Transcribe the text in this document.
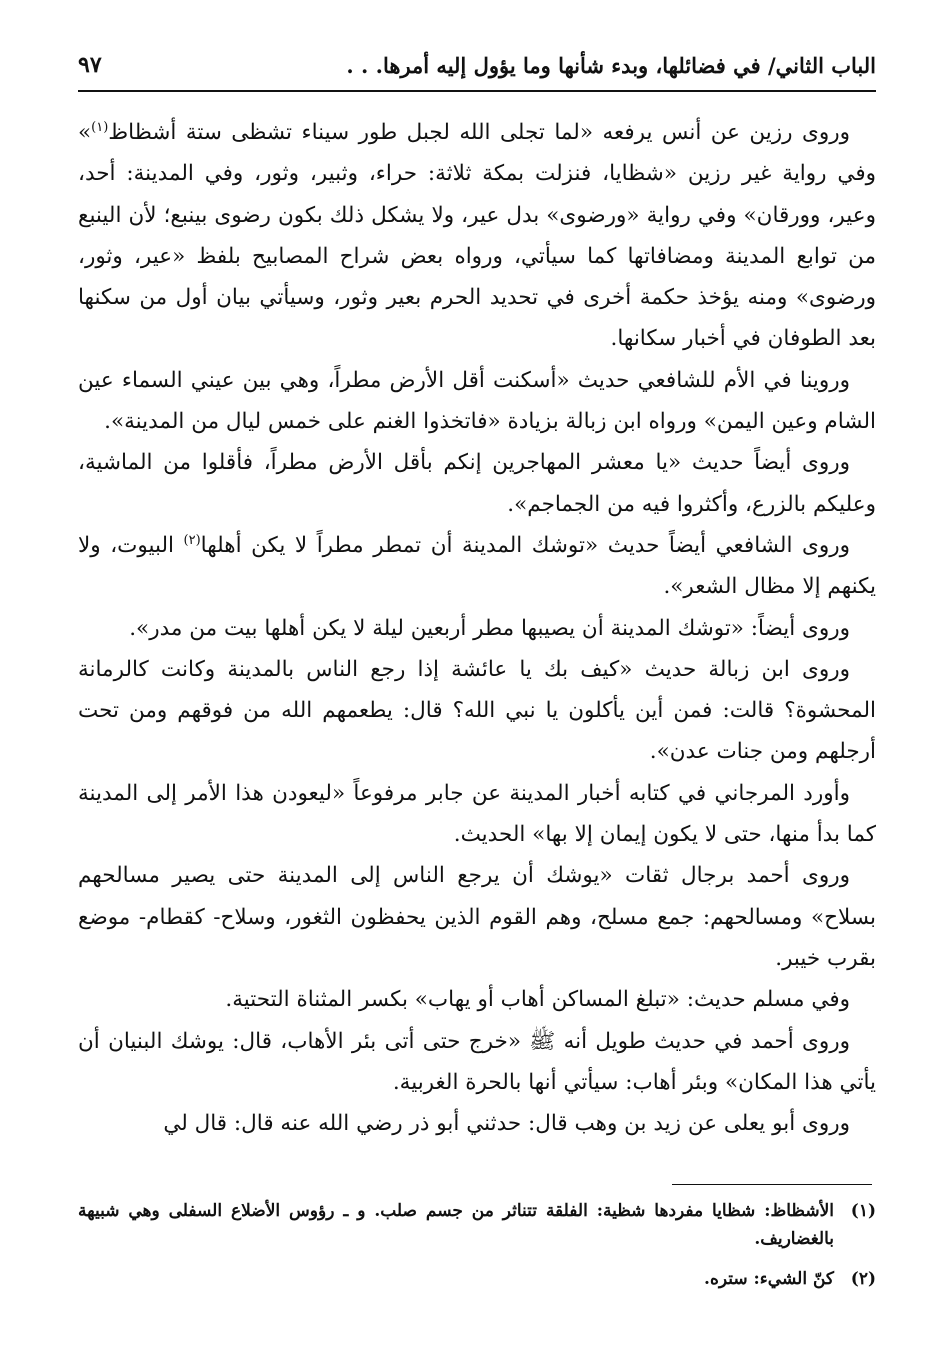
الباب الثاني/ في فضائلها، وبدء شأنها وما يؤول إليه أمرها. . .
٩٧

وروى رزين عن أنس يرفعه «لما تجلى الله لجبل طور سيناء تشظى ستة أشظاظ$^{(١)}$» وفي رواية غير رزين «شظايا، فنزلت بمكة ثلاثة: حراء، وثبير، وثور، وفي المدينة: أحد، وعير، وورقان» وفي رواية «ورضوى» بدل عير، ولا يشكل ذلك بكون رضوى بينبع؛ لأن الينبع من توابع المدينة ومضافاتها كما سيأتي، ورواه بعض شراح المصابيح بلفظ «عير، وثور، ورضوى» ومنه يؤخذ حكمة أخرى في تحديد الحرم بعير وثور، وسيأتي بيان أول من سكنها بعد الطوفان في أخبار سكانها.

وروينا في الأم للشافعي حديث «أسكنت أقل الأرض مطراً، وهي بين عيني السماء عين الشام وعين اليمن» ورواه ابن زبالة بزيادة «فاتخذوا الغنم على خمس ليال من المدينة».

وروى أيضاً حديث «يا معشر المهاجرين إنكم بأقل الأرض مطراً، فأقلوا من الماشية، وعليكم بالزرع، وأكثروا فيه من الجماجم».

وروى الشافعي أيضاً حديث «توشك المدينة أن تمطر مطراً لا يكن أهلها$^{(٢)}$ البيوت، ولا يكنهم إلا مظال الشعر».

وروى أيضاً: «توشك المدينة أن يصيبها مطر أربعين ليلة لا يكن أهلها بيت من مدر».

وروى ابن زبالة حديث «كيف بك يا عائشة إذا رجع الناس بالمدينة وكانت كالرمانة المحشوة؟ قالت: فمن أين يأكلون يا نبي الله؟ قال: يطعمهم الله من فوقهم ومن تحت أرجلهم ومن جنات عدن».

وأورد المرجاني في كتابه أخبار المدينة عن جابر مرفوعاً «ليعودن هذا الأمر إلى المدينة كما بدأ منها، حتى لا يكون إيمان إلا بها» الحديث.

وروى أحمد برجال ثقات «يوشك أن يرجع الناس إلى المدينة حتى يصير مسالحهم بسلاح» ومسالحهم: جمع مسلح، وهم القوم الذين يحفظون الثغور، وسلاح- كقطام- موضع بقرب خيبر.

وفي مسلم حديث: «تبلغ المساكن أهاب أو يهاب» بكسر المثناة التحتية.

وروى أحمد في حديث طويل أنه ﷺ «خرج حتى أتى بئر الأهاب، قال: يوشك البنيان أن يأتي هذا المكان» وبئر أهاب: سيأتي أنها بالحرة الغربية.

وروى أبو يعلى عن زيد بن وهب قال: حدثني أبو ذر رضي الله عنه قال: قال لي

(١)
الأشظاظ: شظايا مفردها شظية: الفلقة تتناثر من جسم صلب. و ـ رؤوس الأضلاع السفلى وهي شبيهة بالغضاريف.
(٢)
كنّ الشيء: ستره.
